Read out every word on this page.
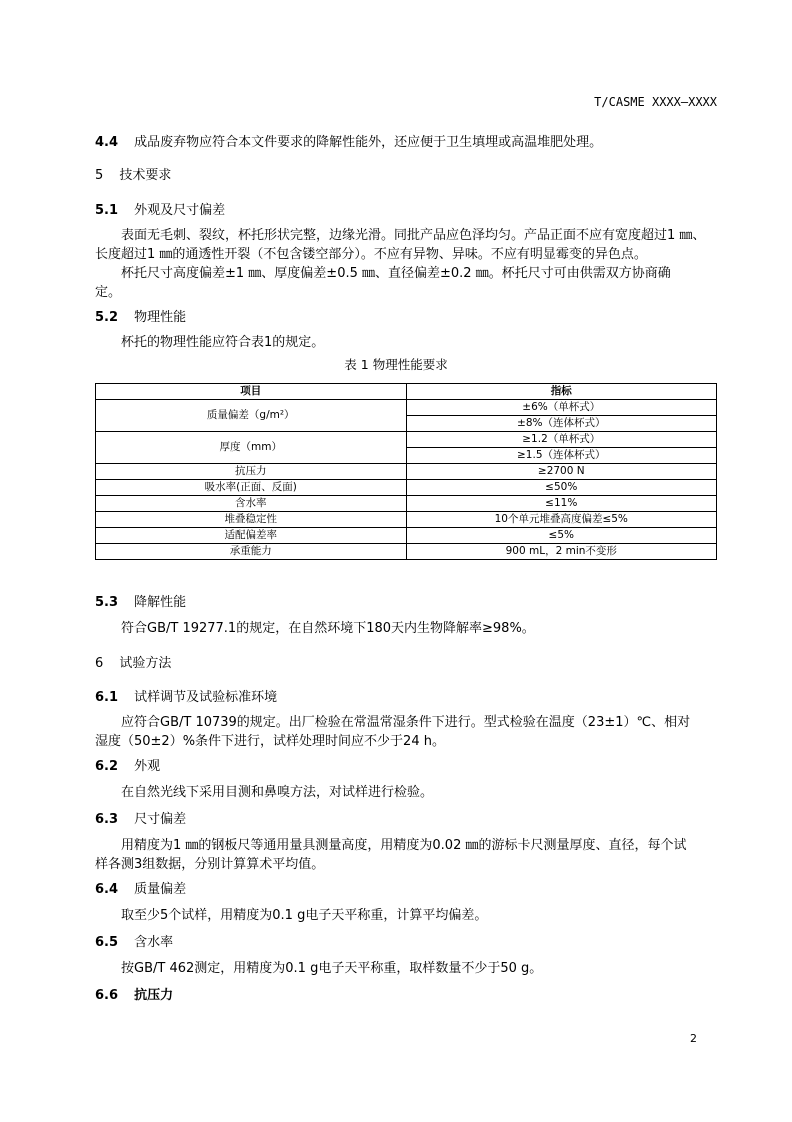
T/CASME XXXX—XXXX
4.4 成品废弃物应符合本文件要求的降解性能外，还应便于卫生填埋或高温堆肥处理。
5 技术要求
5.1 外观及尺寸偏差
表面无毛刺、裂纹，杯托形状完整，边缘光滑。同批产品应色泽均匀。产品正面不应有宽度超过1 ㎜、
长度超过1 ㎜的通透性开裂（不包含镂空部分）。不应有异物、异味。不应有明显霉变的异色点。
杯托尺寸高度偏差±1 ㎜、厚度偏差±0.5 ㎜、直径偏差±0.2 ㎜。杯托尺寸可由供需双方协商确
定。
5.2 物理性能
杯托的物理性能应符合表1的规定。
表 1 物理性能要求
项目	指标
质量偏差（g/m²）	±6%（单杯式）
	±8%（连体杯式）
厚度（mm）	≥1.2（单杯式）
	≥1.5（连体杯式）
抗压力	≥2700 N
吸水率(正面、反面)	≤50%
含水率	≤11%
堆叠稳定性	10个单元堆叠高度偏差≤5%
适配偏差率	≤5%
承重能力	900 mL，2 min不变形
5.3 降解性能
符合GB/T 19277.1的规定，在自然环境下180天内生物降解率≥98%。
6 试验方法
6.1 试样调节及试验标准环境
应符合GB/T 10739的规定。出厂检验在常温常湿条件下进行。型式检验在温度（23±1）℃、相对
湿度（50±2）%条件下进行，试样处理时间应不少于24 h。
6.2 外观
在自然光线下采用目测和鼻嗅方法，对试样进行检验。
6.3 尺寸偏差
用精度为1 ㎜的钢板尺等通用量具测量高度，用精度为0.02 ㎜的游标卡尺测量厚度、直径，每个试
样各测3组数据，分别计算算术平均值。
6.4 质量偏差
取至少5个试样，用精度为0.1 g电子天平称重，计算平均偏差。
6.5 含水率
按GB/T 462测定，用精度为0.1 g电子天平称重，取样数量不少于50 g。
6.6 抗压力
2
